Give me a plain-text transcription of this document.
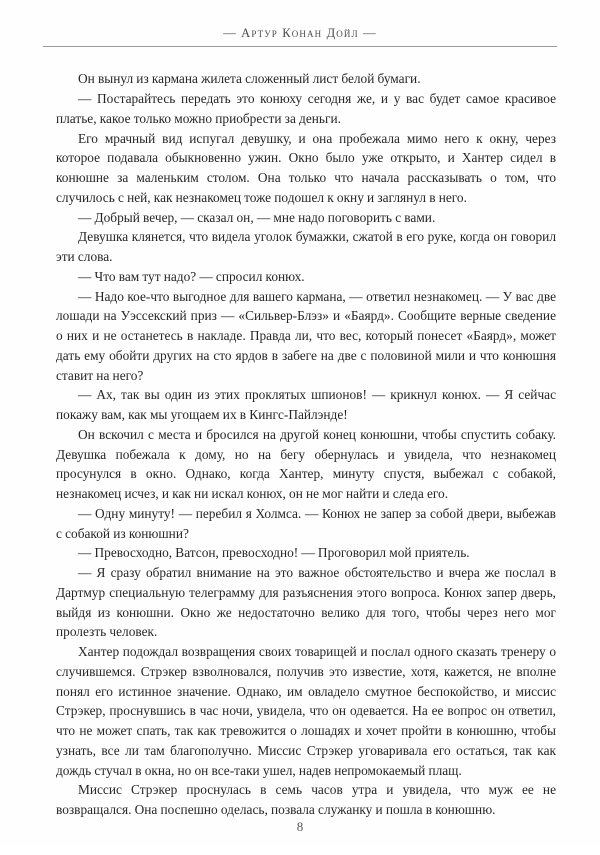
— Артур Конан Дойл —

Он вынул из кармана жилета сложенный лист белой бумаги.

— Постарайтесь передать это конюху сегодня же, и у вас будет самое красивое платье, какое только можно приобрести за деньги.

Его мрачный вид испугал девушку, и она пробежала мимо него к окну, через которое подавала обыкновенно ужин. Окно было уже открыто, и Хантер сидел в конюшне за маленьким столом. Она только что начала рассказывать о том, что случилось с ней, как незнакомец тоже подошел к окну и заглянул в него.

— Добрый вечер, — сказал он, — мне надо поговорить с вами.

Девушка клянется, что видела уголок бумажки, сжатой в его руке, когда он говорил эти слова.

— Что вам тут надо? — спросил конюх.

— Надо кое-что выгодное для вашего кармана, — ответил незнакомец. — У вас две лошади на Уэссекский приз — «Сильвер-Блэз» и «Баярд». Сообщите верные сведение о них и не останетесь в накладе. Правда ли, что вес, который понесет «Баярд», может дать ему обойти других на сто ярдов в забеге на две с половиной мили и что конюшня ставит на него?

— Ах, так вы один из этих проклятых шпионов! — крикнул конюх. — Я сейчас покажу вам, как мы угощаем их в Кингс-Пайлэнде!

Он вскочил с места и бросился на другой конец конюшни, чтобы спустить собаку. Девушка побежала к дому, но на бегу обернулась и увидела, что незнакомец просунулся в окно. Однако, когда Хантер, минуту спустя, выбежал с собакой, незнакомец исчез, и как ни искал конюх, он не мог найти и следа его.

— Одну минуту! — перебил я Холмса. — Конюх не запер за собой двери, выбежав с собакой из конюшни?

— Превосходно, Ватсон, превосходно! — Проговорил мой приятель.

— Я сразу обратил внимание на это важное обстоятельство и вчера же послал в Дартмур специальную телеграмму для разъяснения этого вопроса. Конюх запер дверь, выйдя из конюшни. Окно же недостаточно велико для того, чтобы через него мог пролезть человек.

Хантер подождал возвращения своих товарищей и послал одного сказать тренеру о случившемся. Стрэкер взволновался, получив это известие, хотя, кажется, не вполне понял его истинное значение. Однако, им овладело смутное беспокойство, и миссис Стрэкер, проснувшись в час ночи, увидела, что он одевается. На ее вопрос он ответил, что не может спать, так как тревожится о лошадях и хочет пройти в конюшню, чтобы узнать, все ли там благополучно. Миссис Стрэкер уговаривала его остаться, так как дождь стучал в окна, но он все-таки ушел, надев непромокаемый плащ.

Миссис Стрэкер проснулась в семь часов утра и увидела, что муж ее не возвращался. Она поспешно оделась, позвала служанку и пошла в конюшню.

8
